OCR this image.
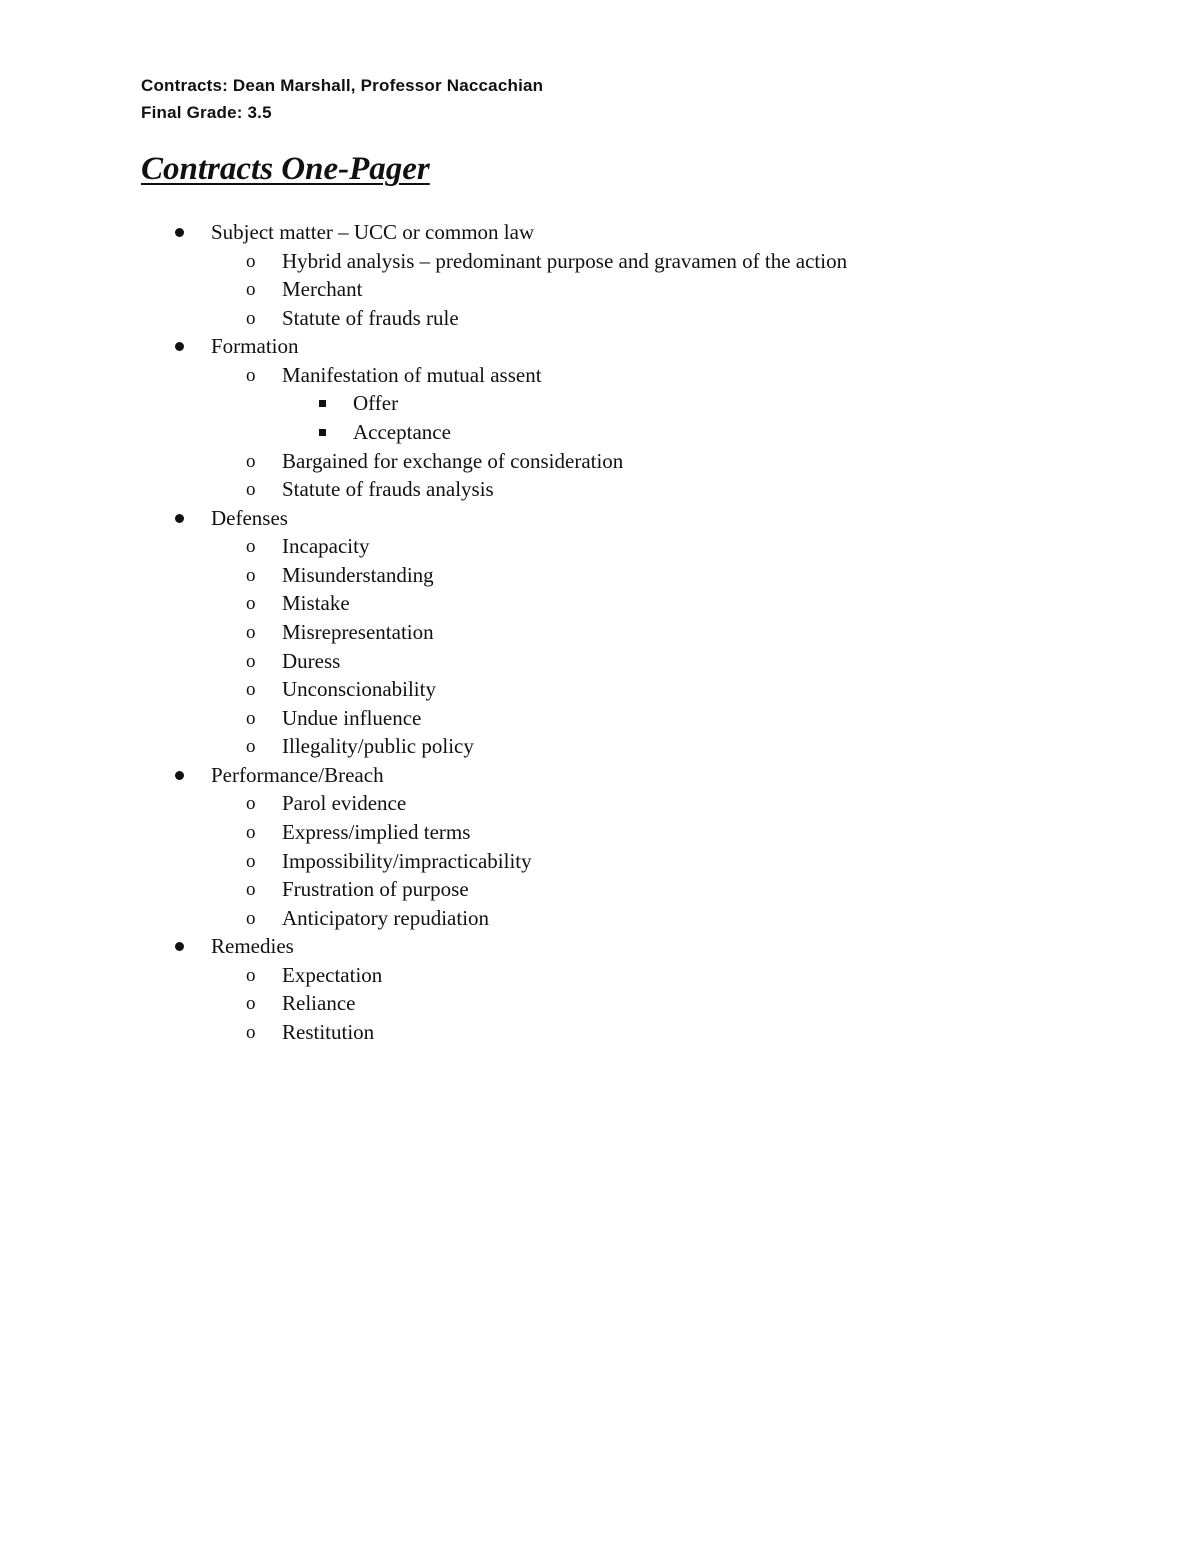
Contracts: Dean Marshall, Professor Naccachian
Final Grade: 3.5
Contracts One-Pager
Subject matter – UCC or common law
o Hybrid analysis – predominant purpose and gravamen of the action
o Merchant
o Statute of frauds rule
Formation
o Manifestation of mutual assent
Offer
Acceptance
o Bargained for exchange of consideration
o Statute of frauds analysis
Defenses
o Incapacity
o Misunderstanding
o Mistake
o Misrepresentation
o Duress
o Unconscionability
o Undue influence
o Illegality/public policy
Performance/Breach
o Parol evidence
o Express/implied terms
o Impossibility/impracticability
o Frustration of purpose
o Anticipatory repudiation
Remedies
o Expectation
o Reliance
o Restitution
